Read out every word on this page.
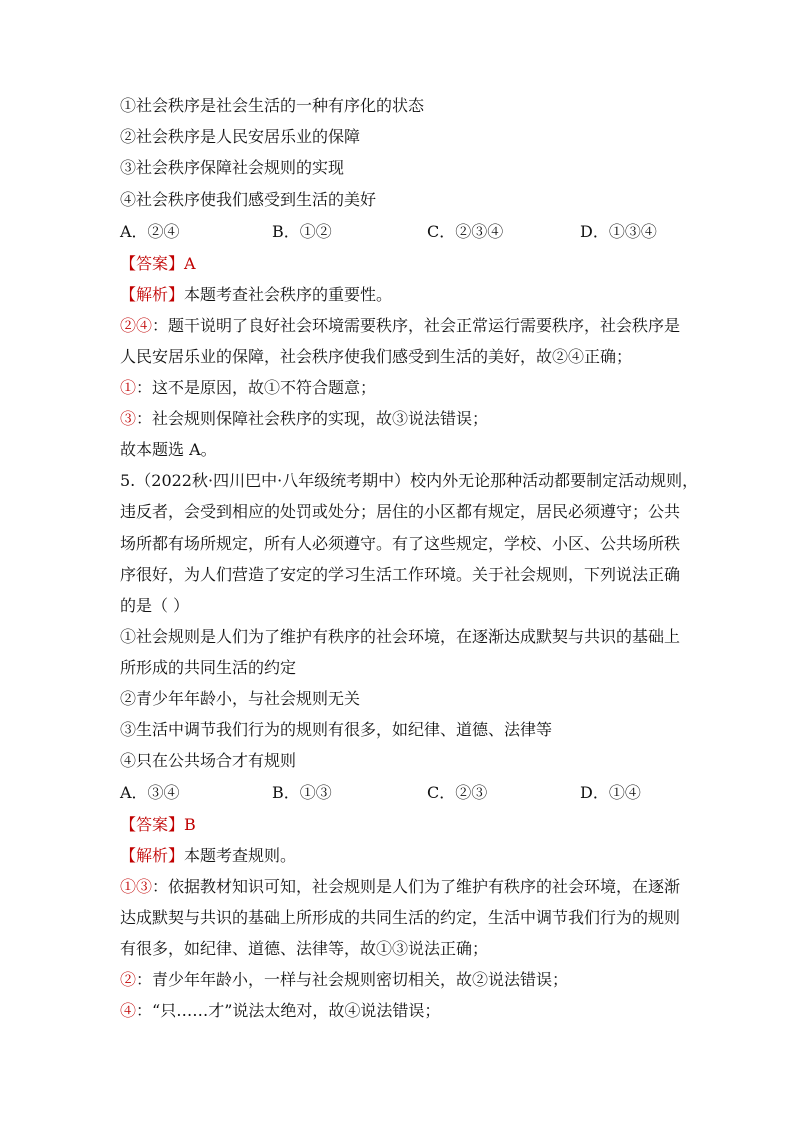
①社会秩序是社会生活的一种有序化的状态
②社会秩序是人民安居乐业的保障
③社会秩序保障社会规则的实现
④社会秩序使我们感受到生活的美好
A．②④	B．①②	C．②③④	D．①③④
【答案】A
【解析】本题考查社会秩序的重要性。
②④：题干说明了良好社会环境需要秩序，社会正常运行需要秩序，社会秩序是
人民安居乐业的保障，社会秩序使我们感受到生活的美好，故②④正确；
①：这不是原因，故①不符合题意；
③：社会规则保障社会秩序的实现，故③说法错误；
故本题选 A。
5.（2022秋·四川巴中·八年级统考期中）校内外无论那种活动都要制定活动规则，
违反者，会受到相应的处罚或处分；居住的小区都有规定，居民必须遵守；公共
场所都有场所规定，所有人必须遵守。有了这些规定，学校、小区、公共场所秩
序很好，为人们营造了安定的学习生活工作环境。关于社会规则，下列说法正确
的是（ ）
①社会规则是人们为了维护有秩序的社会环境，在逐渐达成默契与共识的基础上
所形成的共同生活的约定
②青少年年龄小，与社会规则无关
③生活中调节我们行为的规则有很多，如纪律、道德、法律等
④只在公共场合才有规则
A．③④	B．①③	C．②③	D．①④
【答案】B
【解析】本题考查规则。
①③：依据教材知识可知，社会规则是人们为了维护有秩序的社会环境，在逐渐
达成默契与共识的基础上所形成的共同生活的约定，生活中调节我们行为的规则
有很多，如纪律、道德、法律等，故①③说法正确；
②：青少年年龄小，一样与社会规则密切相关，故②说法错误；
④：“只……才”说法太绝对，故④说法错误；
